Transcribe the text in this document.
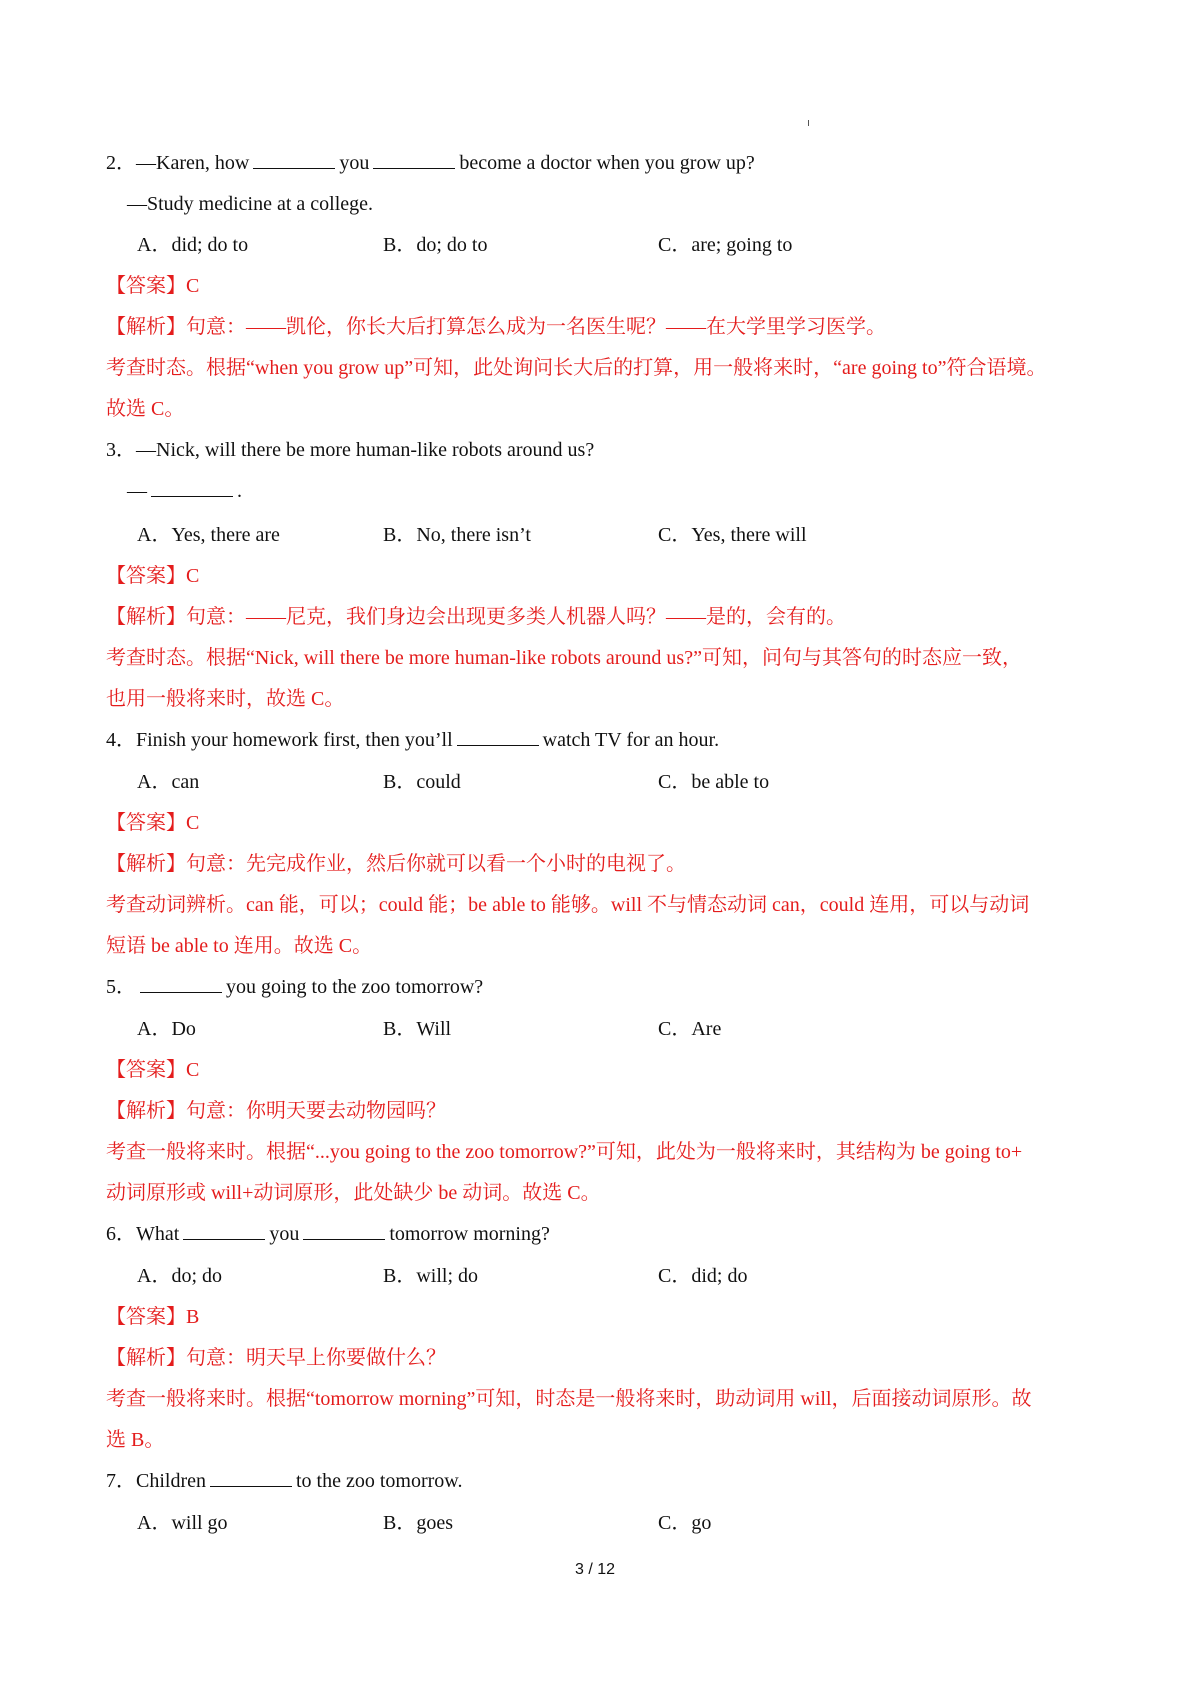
2．—Karen, how	you	become a doctor when you grow up?
—Study medicine at a college.
A．did; do to	B．do; do to	C．are; going to
【答案】C
【解析】句意：——凯伦，你长大后打算怎么成为一名医生呢？——在大学里学习医学。
考查时态。根据“when you grow up”可知，此处询问长大后的打算，用一般将来时，“are going to”符合语境。
故选 C。
3．—Nick, will there be more human-like robots around us?
—	.
A．Yes, there are	B．No, there isn’t	C．Yes, there will
【答案】C
【解析】句意：——尼克，我们身边会出现更多类人机器人吗？——是的，会有的。
考查时态。根据“Nick, will there be more human-like robots around us?”可知，问句与其答句的时态应一致，
也用一般将来时，故选 C。
4．Finish your homework first, then you’ll	watch TV for an hour.
A．can	B．could	C．be able to
【答案】C
【解析】句意：先完成作业，然后你就可以看一个小时的电视了。
考查动词辨析。can 能，可以；could 能；be able to 能够。will 不与情态动词 can，could 连用，可以与动词
短语 be able to 连用。故选 C。
5．	you going to the zoo tomorrow?
A．Do	B．Will	C．Are
【答案】C
【解析】句意：你明天要去动物园吗？
考查一般将来时。根据“...you going to the zoo tomorrow?”可知，此处为一般将来时，其结构为 be going to+
动词原形或 will+动词原形，此处缺少 be 动词。故选 C。
6．What	you	tomorrow morning?
A．do; do	B．will; do	C．did; do
【答案】B
【解析】句意：明天早上你要做什么？
考查一般将来时。根据“tomorrow morning”可知，时态是一般将来时，助动词用 will，后面接动词原形。故
选 B。
7．Children	to the zoo tomorrow.
A．will go	B．goes	C．go
3 / 12
